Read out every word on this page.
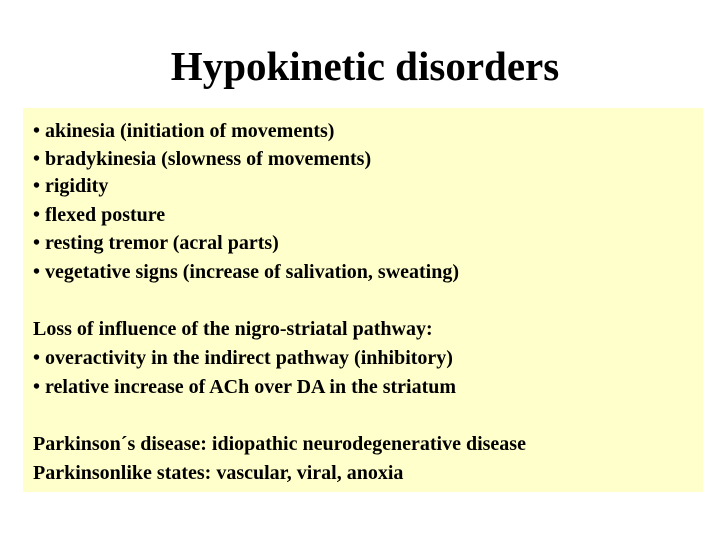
Hypokinetic disorders
• akinesia (initiation of movements)
• bradykinesia (slowness of movements)
• rigidity
• flexed posture
• resting tremor (acral parts)
• vegetative signs (increase of salivation, sweating)
Loss of influence of the nigro-striatal pathway:
• overactivity in the indirect pathway (inhibitory)
• relative increase of ACh over DA in the striatum
Parkinson´s disease: idiopathic neurodegenerative disease
Parkinsonlike states: vascular, viral, anoxia
